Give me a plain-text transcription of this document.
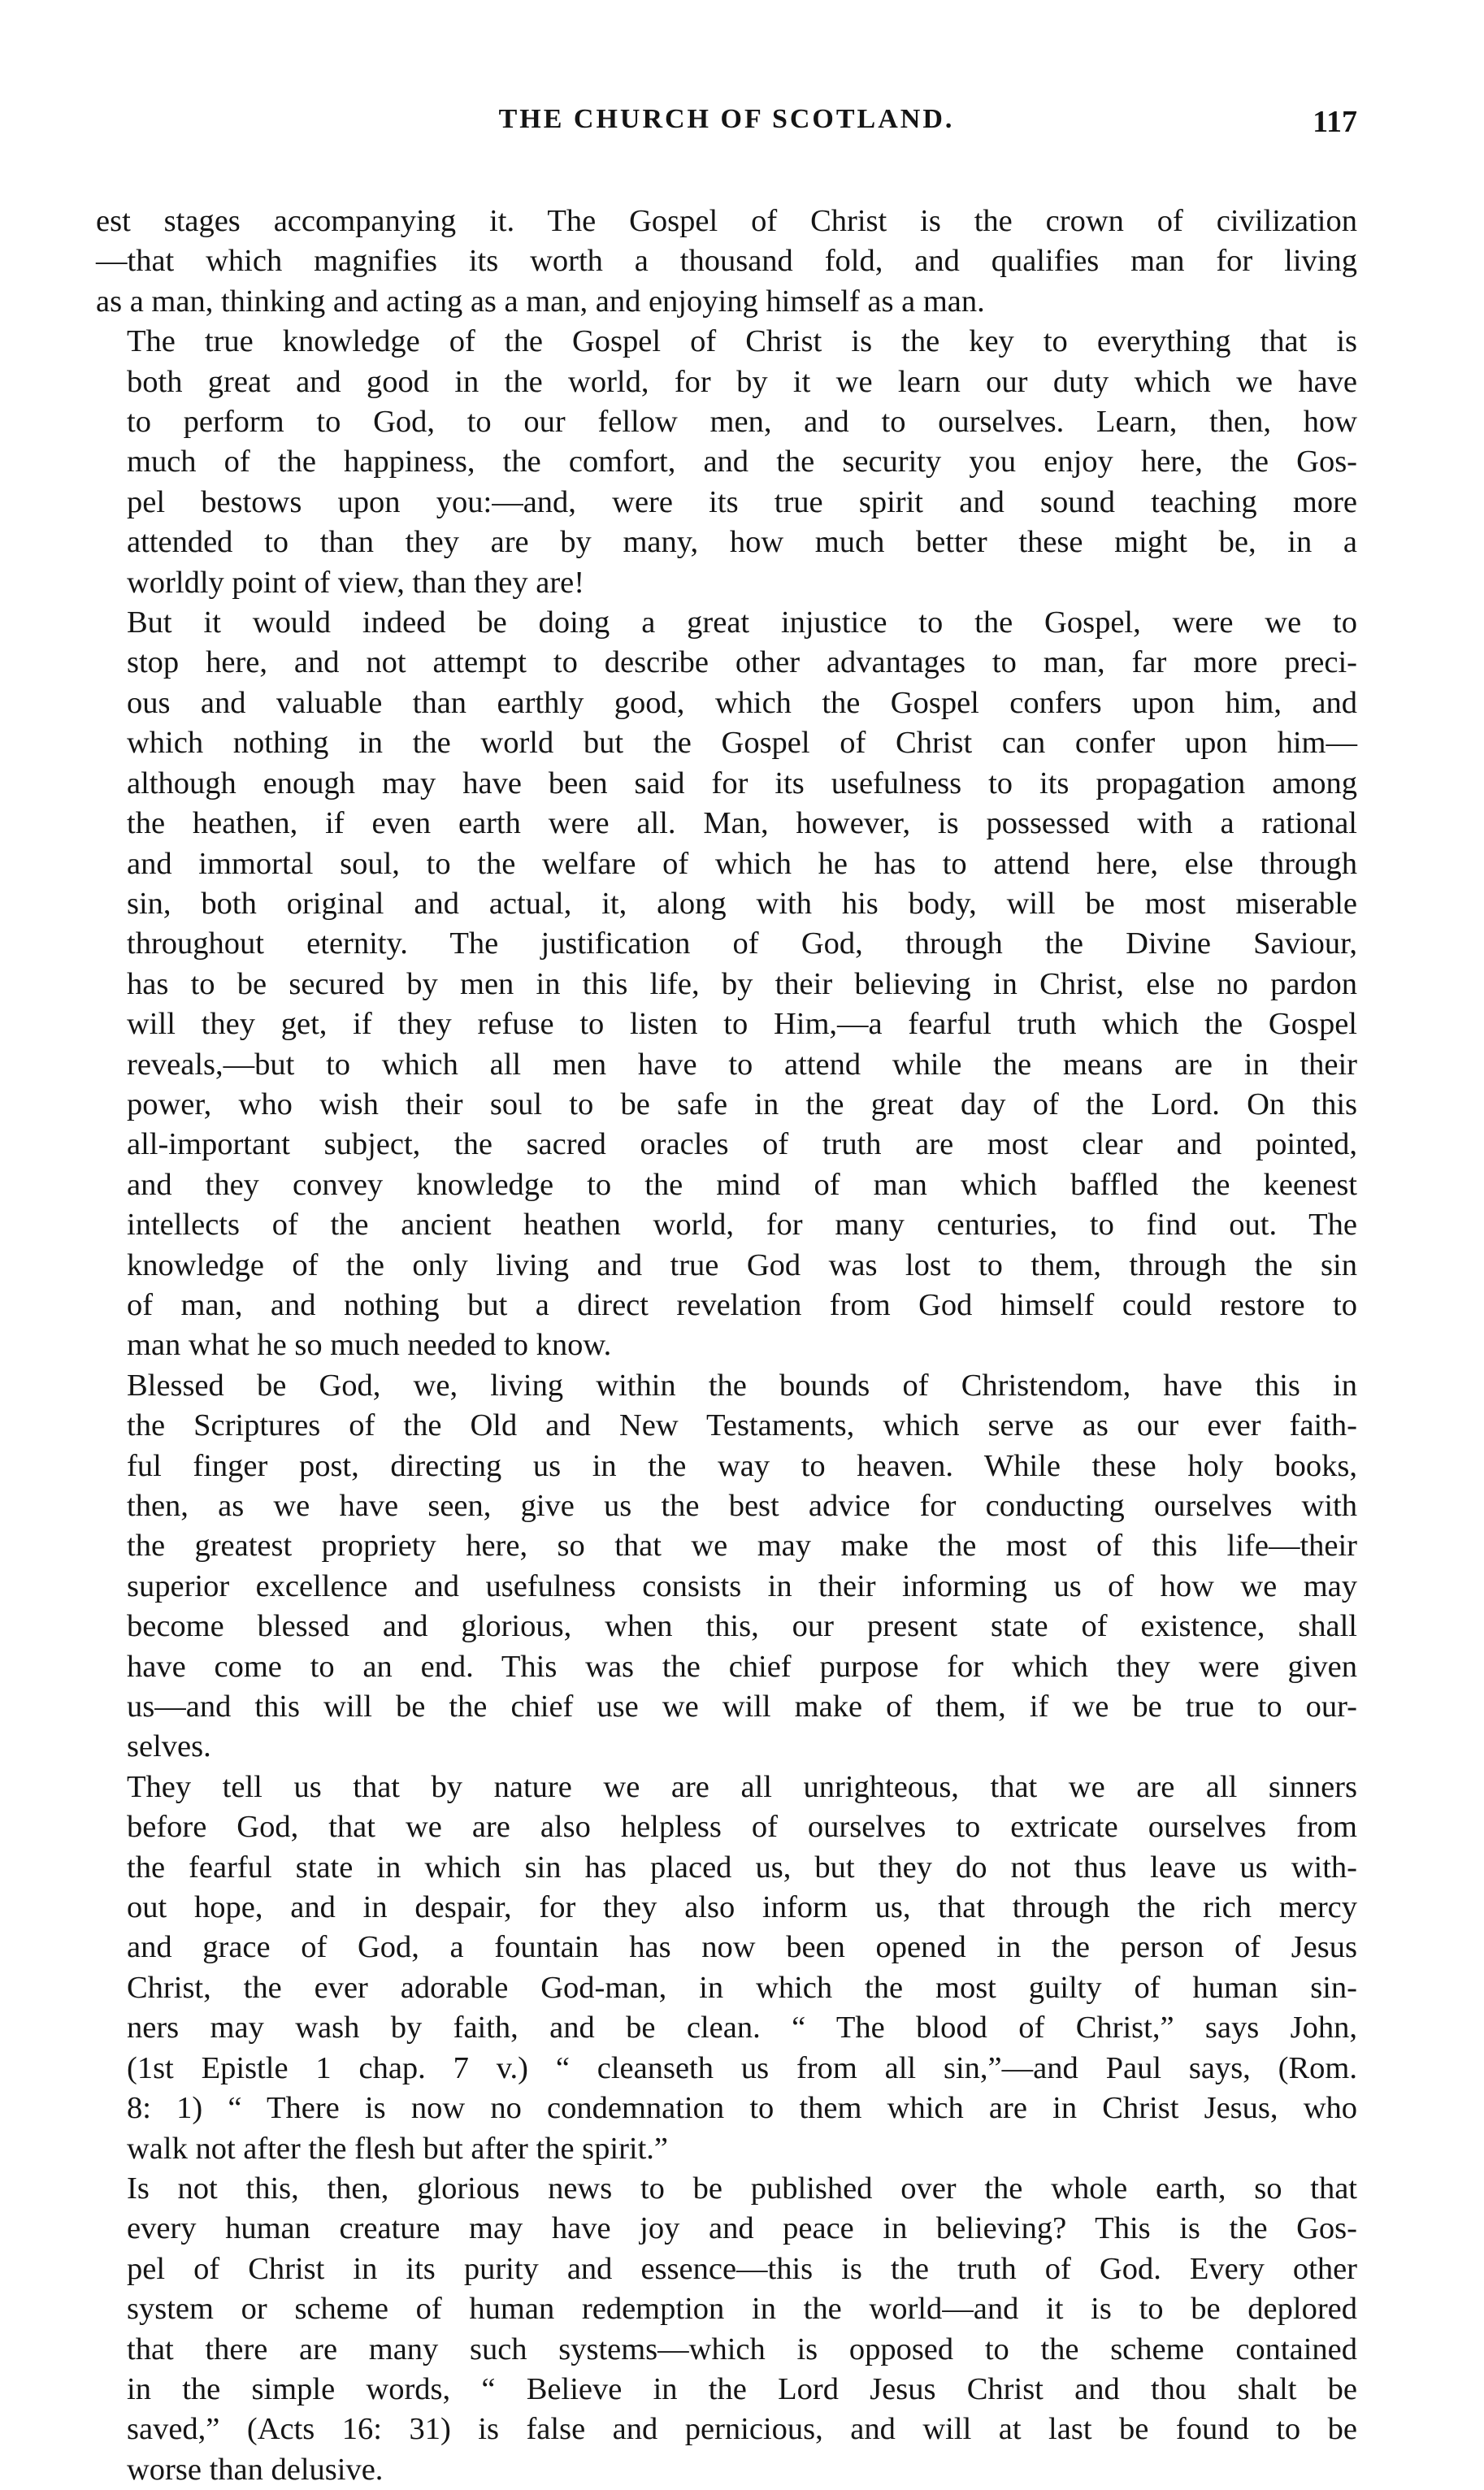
THE CHURCH OF SCOTLAND.	117

est stages accompanying it. The Gospel of Christ is the crown of civilization
—that which magnifies its worth a thousand fold, and qualifies man for living
as a man, thinking and acting as a man, and enjoying himself as a man.

The true knowledge of the Gospel of Christ is the key to everything that is
both great and good in the world, for by it we learn our duty which we have
to perform to God, to our fellow men, and to ourselves. Learn, then, how
much of the happiness, the comfort, and the security you enjoy here, the Gos-
pel bestows upon you:—and, were its true spirit and sound teaching more
attended to than they are by many, how much better these might be, in a
worldly point of view, than they are!

But it would indeed be doing a great injustice to the Gospel, were we to
stop here, and not attempt to describe other advantages to man, far more preci-
ous and valuable than earthly good, which the Gospel confers upon him, and
which nothing in the world but the Gospel of Christ can confer upon him—
although enough may have been said for its usefulness to its propagation among
the heathen, if even earth were all. Man, however, is possessed with a rational
and immortal soul, to the welfare of which he has to attend here, else through
sin, both original and actual, it, along with his body, will be most miserable
throughout eternity. The justification of God, through the Divine Saviour,
has to be secured by men in this life, by their believing in Christ, else no pardon
will they get, if they refuse to listen to Him,—a fearful truth which the Gospel
reveals,—but to which all men have to attend while the means are in their
power, who wish their soul to be safe in the great day of the Lord. On this
all-important subject, the sacred oracles of truth are most clear and pointed,
and they convey knowledge to the mind of man which baffled the keenest
intellects of the ancient heathen world, for many centuries, to find out. The
knowledge of the only living and true God was lost to them, through the sin
of man, and nothing but a direct revelation from God himself could restore to
man what he so much needed to know.

Blessed be God, we, living within the bounds of Christendom, have this in
the Scriptures of the Old and New Testaments, which serve as our ever faith-
ful finger post, directing us in the way to heaven. While these holy books,
then, as we have seen, give us the best advice for conducting ourselves with
the greatest propriety here, so that we may make the most of this life—their
superior excellence and usefulness consists in their informing us of how we may
become blessed and glorious, when this, our present state of existence, shall
have come to an end. This was the chief purpose for which they were given
us—and this will be the chief use we will make of them, if we be true to our-
selves.

They tell us that by nature we are all unrighteous, that we are all sinners
before God, that we are also helpless of ourselves to extricate ourselves from
the fearful state in which sin has placed us, but they do not thus leave us with-
out hope, and in despair, for they also inform us, that through the rich mercy
and grace of God, a fountain has now been opened in the person of Jesus
Christ, the ever adorable God-man, in which the most guilty of human sin-
ners may wash by faith, and be clean. “ The blood of Christ,” says John,
(1st Epistle 1 chap. 7 v.) “ cleanseth us from all sin,”—and Paul says, (Rom.
8: 1) “ There is now no condemnation to them which are in Christ Jesus, who
walk not after the flesh but after the spirit.”

Is not this, then, glorious news to be published over the whole earth, so that
every human creature may have joy and peace in believing? This is the Gos-
pel of Christ in its purity and essence—this is the truth of God. Every other
system or scheme of human redemption in the world—and it is to be deplored
that there are many such systems—which is opposed to the scheme contained
in the simple words, “ Believe in the Lord Jesus Christ and thou shalt be
saved,” (Acts 16: 31) is false and pernicious, and will at last be found to be
worse than delusive.
